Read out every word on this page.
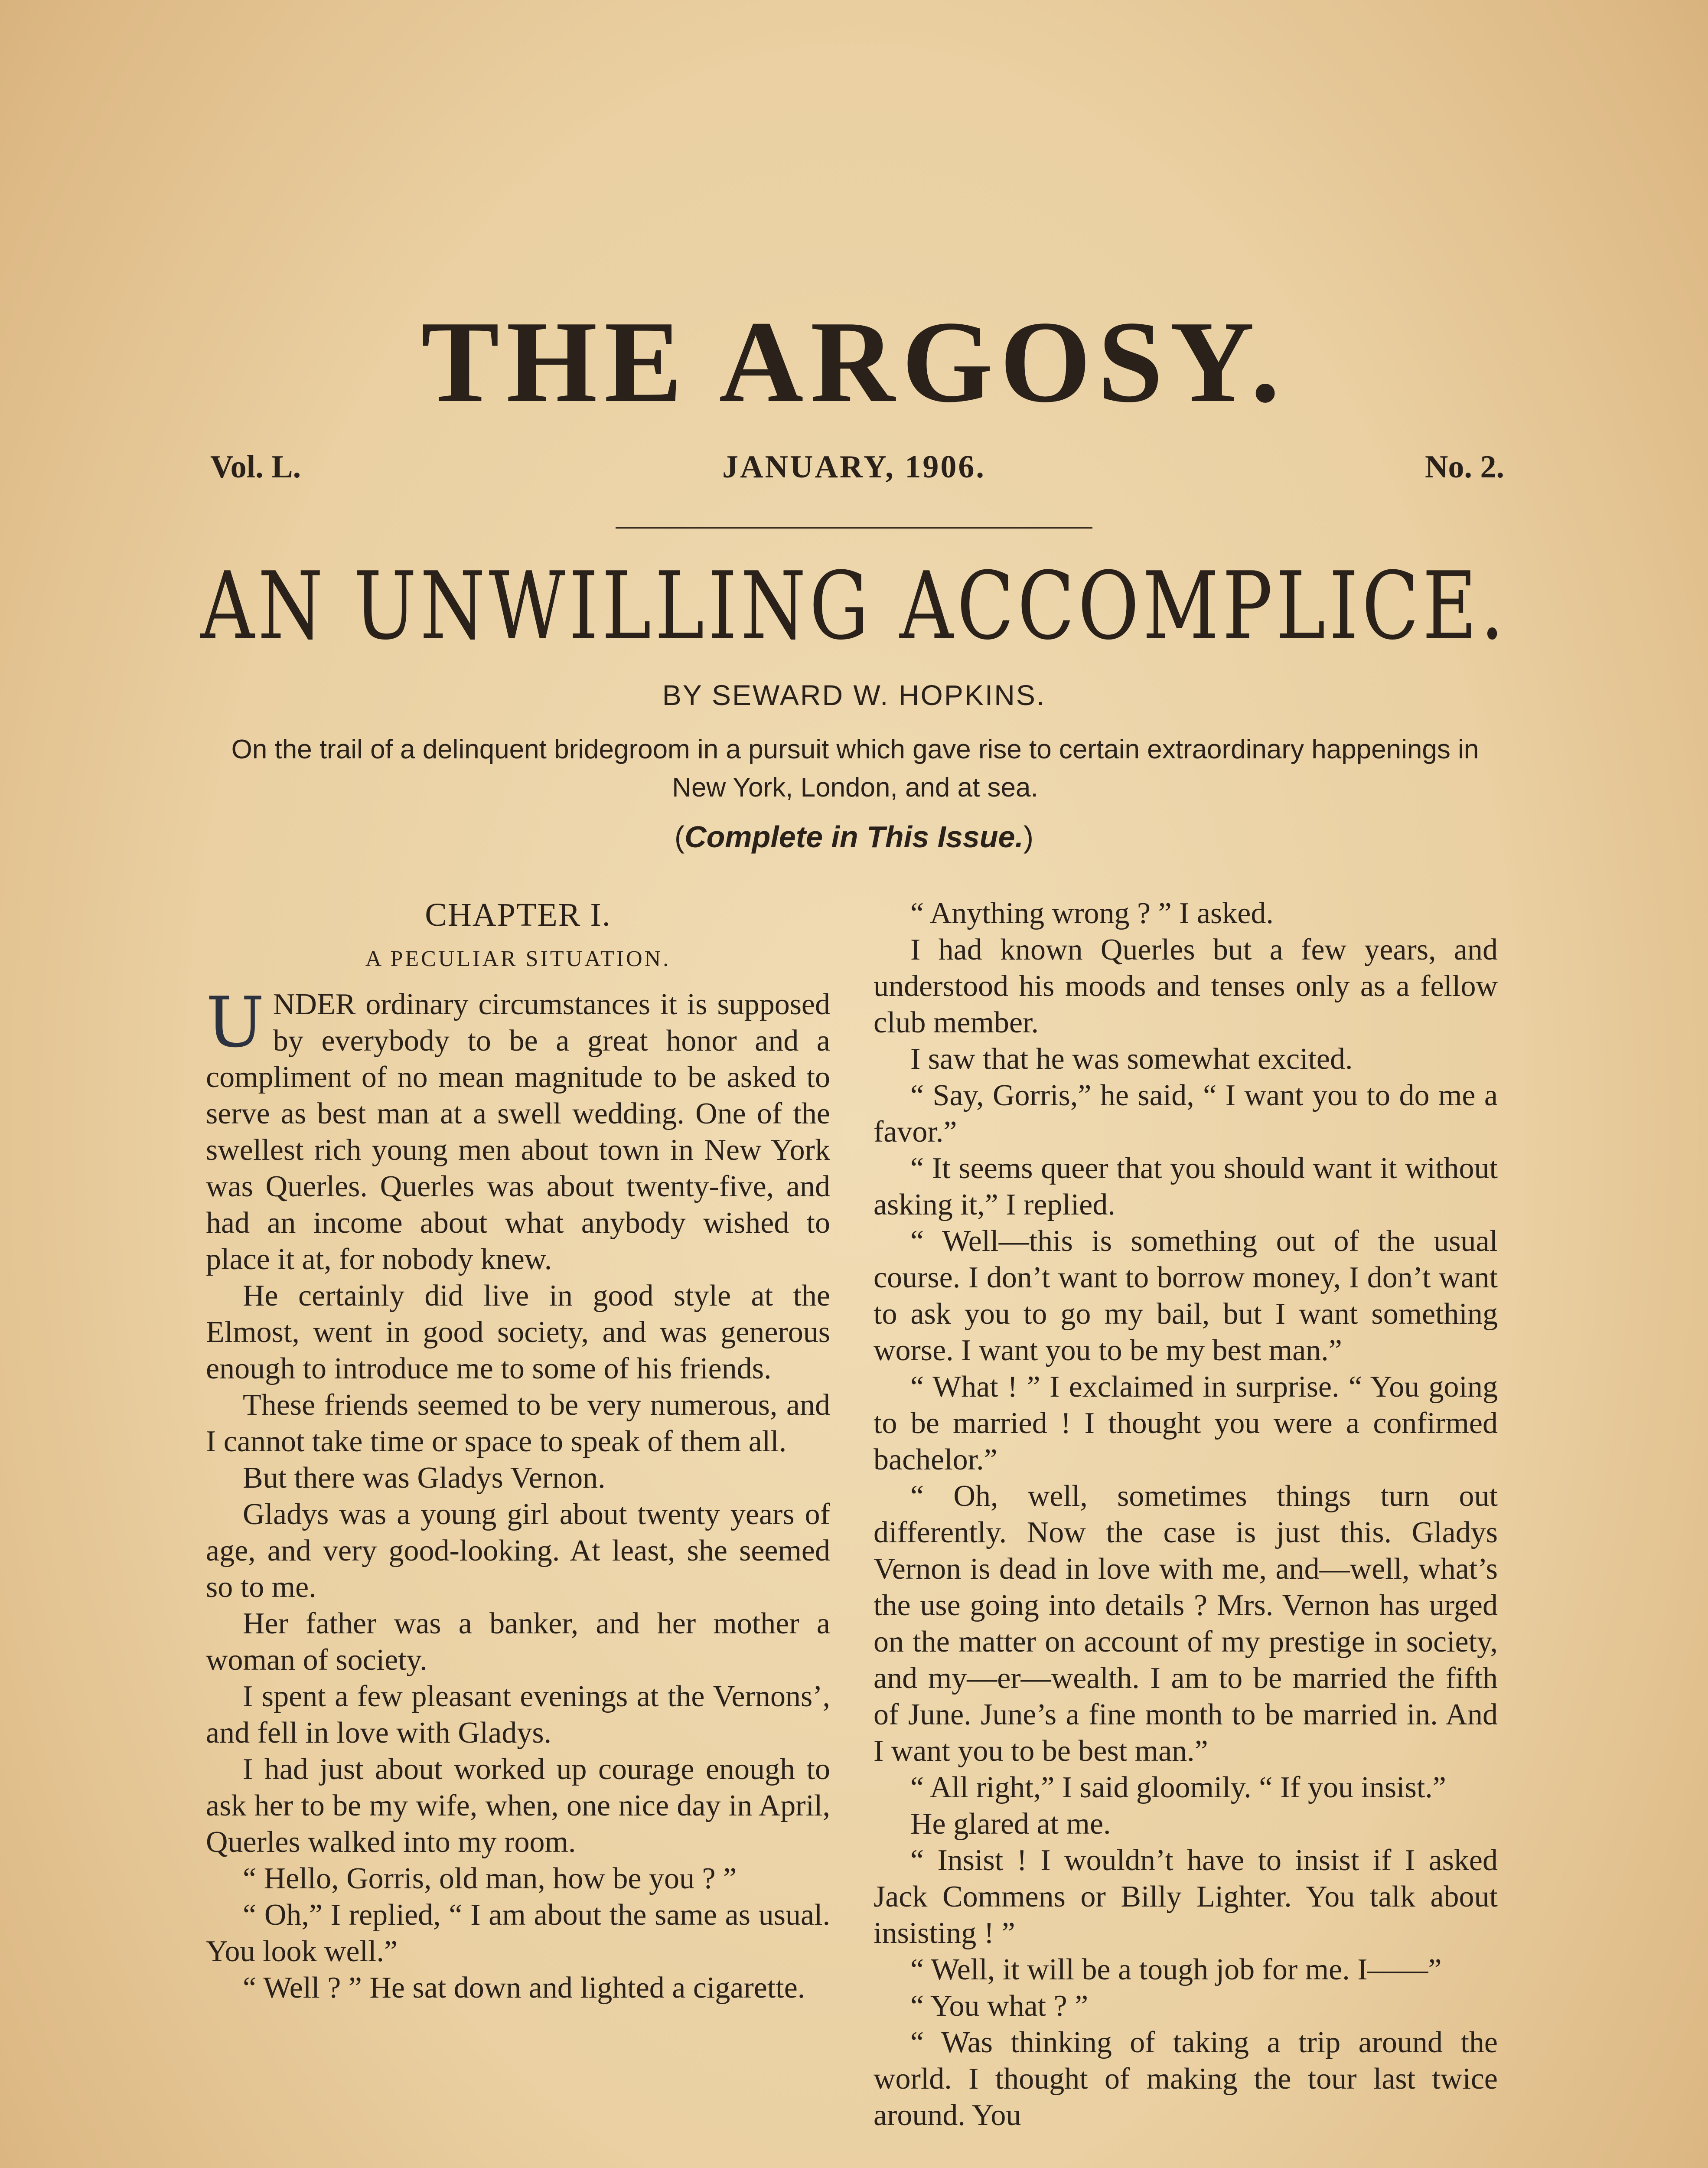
THE ARGOSY.
Vol. L.	JANUARY, 1906.	No. 2.
AN UNWILLING ACCOMPLICE.
BY SEWARD W. HOPKINS.
On the trail of a delinquent bridegroom in a pursuit which gave rise to certain extraordinary happenings in New York, London, and at sea.
(Complete in This Issue.)
CHAPTER I.
A PECULIAR SITUATION.

UNDER ordinary circumstances it is supposed by everybody to be a great honor and a compliment of no mean magnitude to be asked to serve as best man at a swell wedding. One of the swellest rich young men about town in New York was Querles. Querles was about twenty-five, and had an income about what anybody wished to place it at, for nobody knew.

He certainly did live in good style at the Elmost, went in good society, and was generous enough to introduce me to some of his friends.

These friends seemed to be very numerous, and I cannot take time or space to speak of them all.

But there was Gladys Vernon.

Gladys was a young girl about twenty years of age, and very good-looking. At least, she seemed so to me.

Her father was a banker, and her mother a woman of society.

I spent a few pleasant evenings at the Vernons’, and fell in love with Gladys.

I had just about worked up courage enough to ask her to be my wife, when, one nice day in April, Querles walked into my room.

“ Hello, Gorris, old man, how be you ? ”

“ Oh,” I replied, “ I am about the same as usual. You look well.”

“ Well ? ” He sat down and lighted a cigarette.

“ Anything wrong ? ” I asked.

I had known Querles but a few years, and understood his moods and tenses only as a fellow club member.

I saw that he was somewhat excited.

“ Say, Gorris,” he said, “ I want you to do me a favor.”

“ It seems queer that you should want it without asking it,” I replied.

“ Well—this is something out of the usual course. I don’t want to borrow money, I don’t want to ask you to go my bail, but I want something worse. I want you to be my best man.”

“ What ! ” I exclaimed in surprise. “ You going to be married ! I thought you were a confirmed bachelor.”

“ Oh, well, sometimes things turn out differently. Now the case is just this. Gladys Vernon is dead in love with me, and—well, what’s the use going into details ? Mrs. Vernon has urged on the matter on account of my prestige in society, and my—er—wealth. I am to be married the fifth of June. June’s a fine month to be married in. And I want you to be best man.”

“ All right,” I said gloomily. “ If you insist.”

He glared at me.

“ Insist ! I wouldn’t have to insist if I asked Jack Commens or Billy Lighter. You talk about insisting ! ”

“ Well, it will be a tough job for me. I——”

“ You what ? ”

“ Was thinking of taking a trip around the world. I thought of making the tour last twice around. You
